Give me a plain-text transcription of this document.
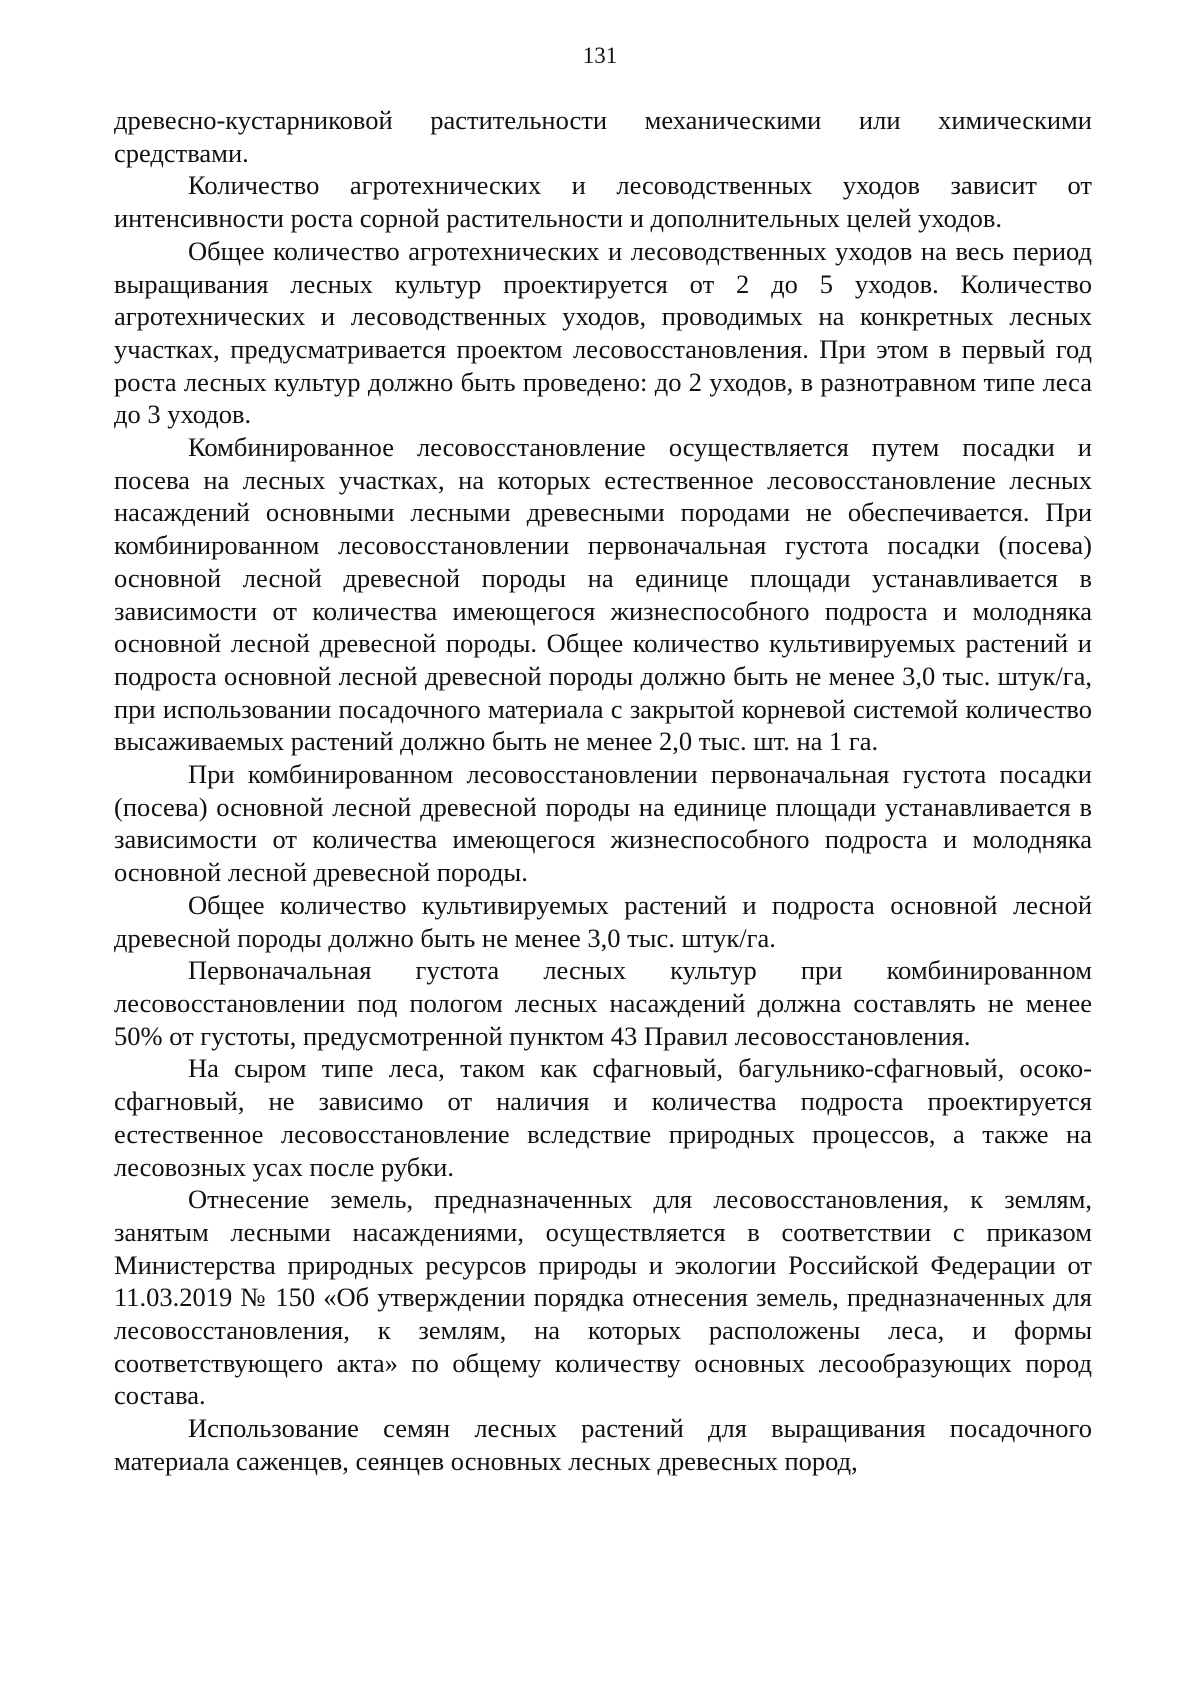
131

древесно-кустарниковой растительности механическими или химическими средствами.

Количество агротехнических и лесоводственных уходов зависит от интенсивности роста сорной растительности и дополнительных целей уходов.

Общее количество агротехнических и лесоводственных уходов на весь период выращивания лесных культур проектируется от 2 до 5 уходов. Количество агротехнических и лесоводственных уходов, проводимых на конкретных лесных участках, предусматривается проектом лесовосстановления. При этом в первый год роста лесных культур должно быть проведено: до 2 уходов, в разнотравном типе леса до 3 уходов.

Комбинированное лесовосстановление осуществляется путем посадки и посева на лесных участках, на которых естественное лесовосстановление лесных насаждений основными лесными древесными породами не обеспечивается. При комбинированном лесовосстановлении первоначальная густота посадки (посева) основной лесной древесной породы на единице площади устанавливается в зависимости от количества имеющегося жизнеспособного подроста и молодняка основной лесной древесной породы. Общее количество культивируемых растений и подроста основной лесной древесной породы должно быть не менее 3,0 тыс. штук/га, при использовании посадочного материала с закрытой корневой системой количество высаживаемых растений должно быть не менее 2,0 тыс. шт. на 1 га.

При комбинированном лесовосстановлении первоначальная густота посадки (посева) основной лесной древесной породы на единице площади устанавливается в зависимости от количества имеющегося жизнеспособного подроста и молодняка основной лесной древесной породы.

Общее количество культивируемых растений и подроста основной лесной древесной породы должно быть не менее 3,0 тыс. штук/га.

Первоначальная густота лесных культур при комбинированном лесовосстановлении под пологом лесных насаждений должна составлять не менее 50% от густоты, предусмотренной пунктом 43 Правил лесовосстановления.

На сыром типе леса, таком как сфагновый, багульнико-сфагновый, осоко-сфагновый, не зависимо от наличия и количества подроста проектируется естественное лесовосстановление вследствие природных процессов, а также на лесовозных усах после рубки.

Отнесение земель, предназначенных для лесовосстановления, к землям, занятым лесными насаждениями, осуществляется в соответствии с приказом Министерства природных ресурсов природы и экологии Российской Федерации от 11.03.2019 № 150 «Об утверждении порядка отнесения земель, предназначенных для лесовосстановления, к землям, на которых расположены леса, и формы соответствующего акта» по общему количеству основных лесообразующих пород состава.

Использование семян лесных растений для выращивания посадочного материала саженцев, сеянцев основных лесных древесных пород,
